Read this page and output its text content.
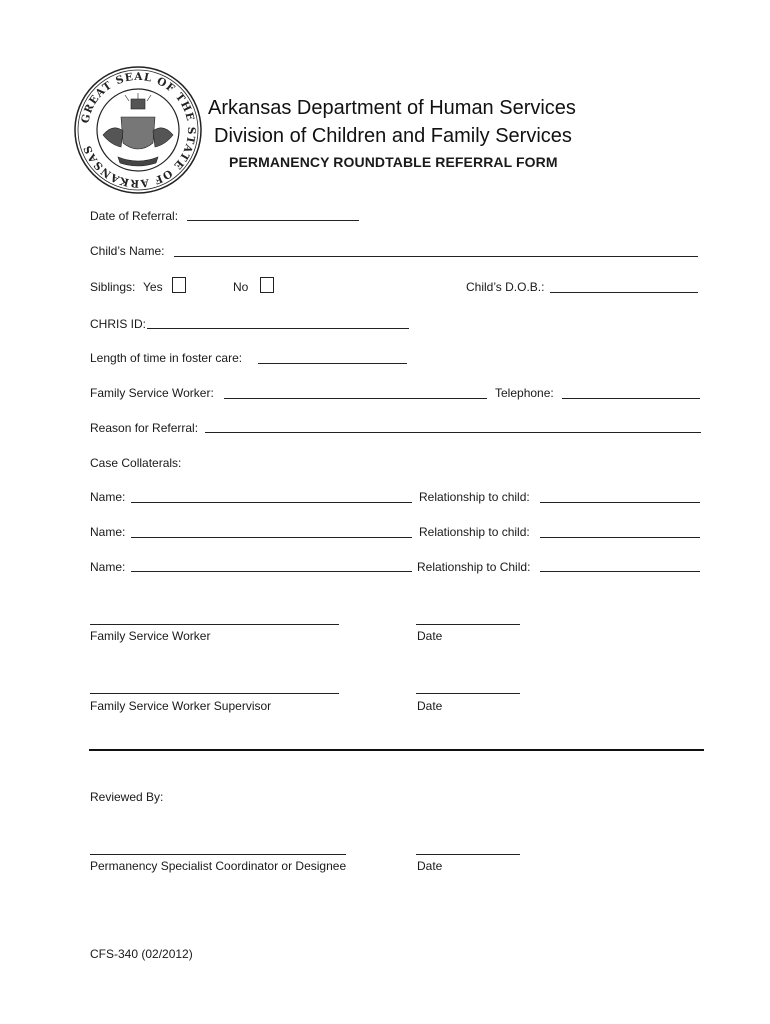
GREAT SEAL OF THE STATE OF ARKANSAS
Arkansas Department of Human Services
Division of Children and Family Services
PERMANENCY ROUNDTABLE REFERRAL FORM
Date of Referral:
Child’s Name:
Siblings: Yes	No	Child’s D.O.B.:
CHRIS ID:
Length of time in foster care:
Family Service Worker:	Telephone:
Reason for Referral:
Case Collaterals:
Name:	Relationship to child:
Name:	Relationship to child:
Name:	Relationship to Child:
Family Service Worker	Date
Family Service Worker Supervisor	Date
Reviewed By:
Permanency Specialist Coordinator or Designee	Date
CFS-340 (02/2012)
